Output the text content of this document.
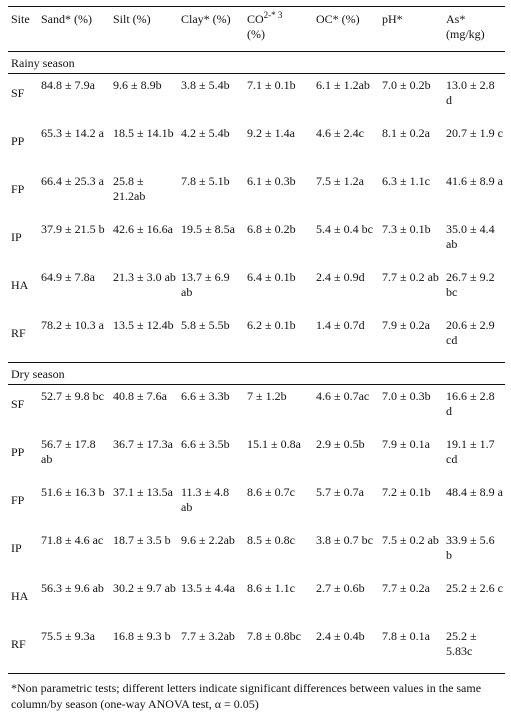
Site	Sand* (%)	Silt (%)	Clay* (%)	$CO^{2-* 3}$
(%)	OC* (%)	pH*	As*
(mg/kg)
Rainy season							
SF	84.8 ± 7.9a	9.6 ± 8.9b	3.8 ± 5.4b	7.1 ± 0.1b	6.1 ± 1.2ab	7.0 ± 0.2b	13.0 ± 2.8 d
PP	65.3 ± 14.2 a	18.5 ± 14.1b	4.2 ± 5.4b	9.2 ± 1.4a	4.6 ± 2.4c	8.1 ± 0.2a	20.7 ± 1.9 c
FP	66.4 ± 25.3 a	25.8 ± 21.2ab	7.8 ± 5.1b	6.1 ± 0.3b	7.5 ± 1.2a	6.3 ± 1.1c	41.6 ± 8.9 a
IP	37.9 ± 21.5 b	42.6 ± 16.6a	19.5 ± 8.5a	6.8 ± 0.2b	5.4 ± 0.4 bc	7.3 ± 0.1b	35.0 ± 4.4 ab
HA	64.9 ± 7.8a	21.3 ± 3.0 ab	13.7 ± 6.9 ab	6.4 ± 0.1b	2.4 ± 0.9d	7.7 ± 0.2 ab	26.7 ± 9.2 bc
RF	78.2 ± 10.3 a	13.5 ± 12.4b	5.8 ± 5.5b	6.2 ± 0.1b	1.4 ± 0.7d	7.9 ± 0.2a	20.6 ± 2.9 cd
Dry season							
SF	52.7 ± 9.8 bc	40.8 ± 7.6a	6.6 ± 3.3b	7 ± 1.2b	4.6 ± 0.7ac	7.0 ± 0.3b	16.6 ± 2.8 d
PP	56.7 ± 17.8 ab	36.7 ± 17.3a	6.6 ± 3.5b	15.1 ± 0.8a	2.9 ± 0.5b	7.9 ± 0.1a	19.1 ± 1.7 cd
FP	51.6 ± 16.3 b	37.1 ± 13.5a	11.3 ± 4.8 ab	8.6 ± 0.7c	5.7 ± 0.7a	7.2 ± 0.1b	48.4 ± 8.9 a
IP	71.8 ± 4.6 ac	18.7 ± 3.5 b	9.6 ± 2.2ab	8.5 ± 0.8c	3.8 ± 0.7 bc	7.5 ± 0.2 ab	33.9 ± 5.6 b
HA	56.3 ± 9.6 ab	30.2 ± 9.7 ab	13.5 ± 4.4a	8.6 ± 1.1c	2.7 ± 0.6b	7.7 ± 0.2a	25.2 ± 2.6 c
RF	75.5 ± 9.3a	16.8 ± 9.3 b	7.7 ± 3.2ab	7.8 ± 0.8bc	2.4 ± 0.4b	7.8 ± 0.1a	25.2 ± 5.83c
*Non parametric tests; different letters indicate significant differences between values in the same column/by season (one-way ANOVA test, α = 0.05)							
